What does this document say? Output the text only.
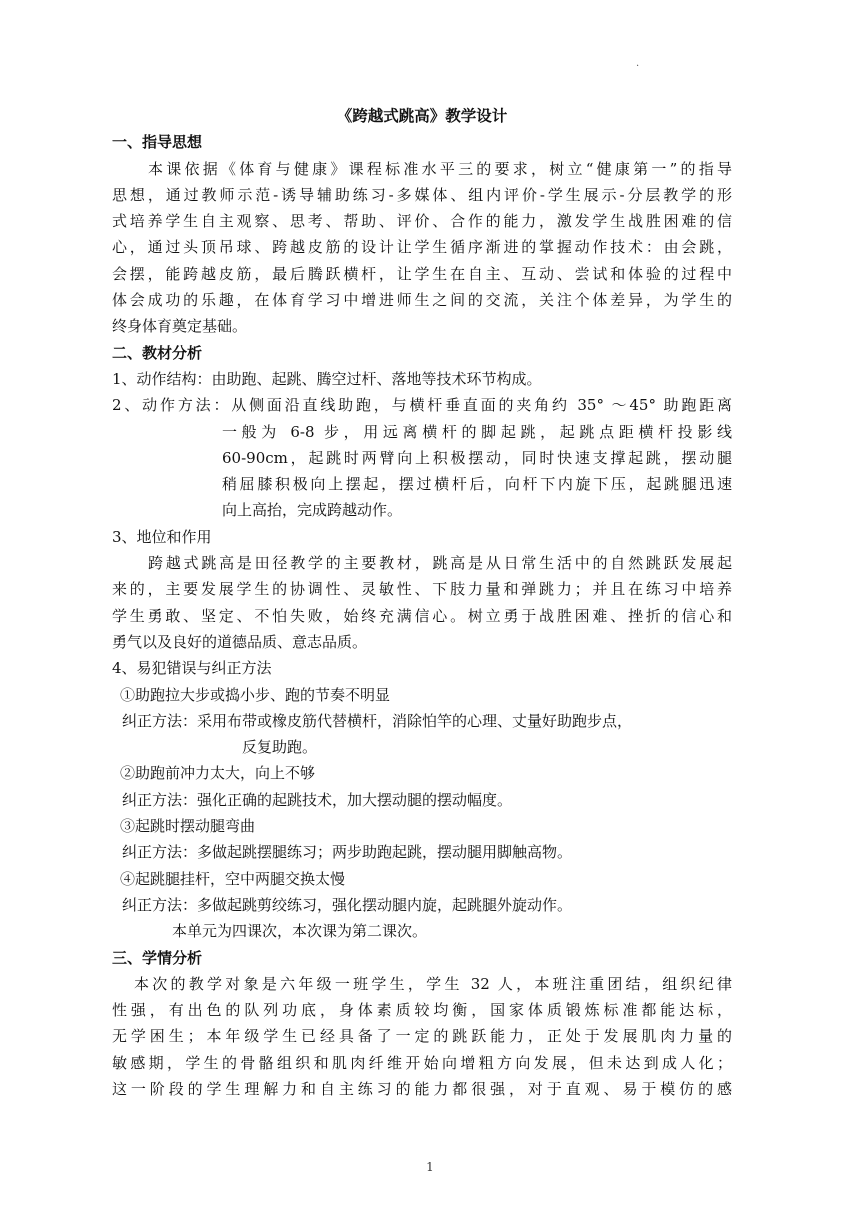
.
《跨越式跳高》教学设计
一、指导思想
本课依据《体育与健康》课程标准水平三的要求，树立“健康第一”的指导
思想，通过教师示范-诱导辅助练习-多媒体、组内评价-学生展示-分层教学的形
式培养学生自主观察、思考、帮助、评价、合作的能力，激发学生战胜困难的信
心，通过头顶吊球、跨越皮筋的设计让学生循序渐进的掌握动作技术：由会跳，
会摆，能跨越皮筋，最后腾跃横杆，让学生在自主、互动、尝试和体验的过程中
体会成功的乐趣，在体育学习中增进师生之间的交流，关注个体差异，为学生的
终身体育奠定基础。
二、教材分析
1、动作结构：由助跑、起跳、腾空过杆、落地等技术环节构成。
2、动作方法：从侧面沿直线助跑，与横杆垂直面的夹角约 35° ～45° 助跑距离
一般为 6-8 步，用远离横杆的脚起跳，起跳点距横杆投影线
60-90cm，起跳时两臂向上积极摆动，同时快速支撑起跳，摆动腿
稍屈膝积极向上摆起，摆过横杆后，向杆下内旋下压，起跳腿迅速
向上高抬，完成跨越动作。
3、地位和作用
跨越式跳高是田径教学的主要教材，跳高是从日常生活中的自然跳跃发展起
来的，主要发展学生的协调性、灵敏性、下肢力量和弹跳力；并且在练习中培养
学生勇敢、坚定、不怕失败，始终充满信心。树立勇于战胜困难、挫折的信心和
勇气以及良好的道德品质、意志品质。
4、易犯错误与纠正方法
①助跑拉大步或捣小步、跑的节奏不明显
纠正方法：采用布带或橡皮筋代替横杆，消除怕竿的心理、丈量好助跑步点，
反复助跑。
②助跑前冲力太大，向上不够
纠正方法：强化正确的起跳技术，加大摆动腿的摆动幅度。
③起跳时摆动腿弯曲
纠正方法：多做起跳摆腿练习；两步助跑起跳，摆动腿用脚触高物。
④起跳腿挂杆，空中两腿交换太慢
纠正方法：多做起跳剪绞练习，强化摆动腿内旋，起跳腿外旋动作。
本单元为四课次，本次课为第二课次。
三、学情分析
本次的教学对象是六年级一班学生，学生 32 人，本班注重团结，组织纪律
性强，有出色的队列功底，身体素质较均衡，国家体质锻炼标准都能达标，
无学困生；本年级学生已经具备了一定的跳跃能力，正处于发展肌肉力量的
敏感期，学生的骨骼组织和肌肉纤维开始向增粗方向发展，但未达到成人化；
这一阶段的学生理解力和自主练习的能力都很强，对于直观、易于模仿的感
1
